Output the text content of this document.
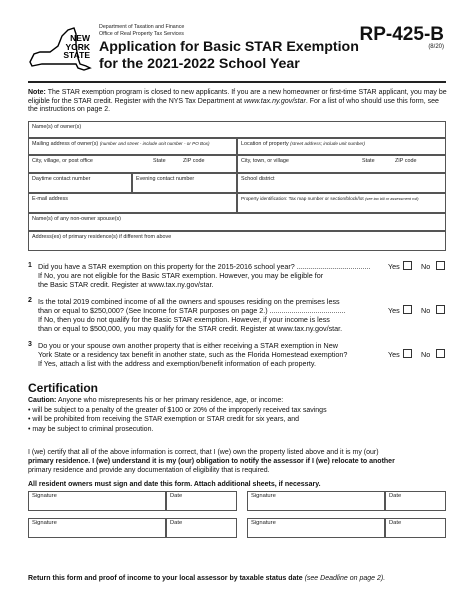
NEW
YORK
STATE
Department of Taxation and Finance
Office of Real Property Tax Services
Application for Basic STAR Exemption
for the 2021-2022 School Year
RP-425-B
(8/20)
Note: The STAR exemption program is closed to new applicants. If you are a new homeowner or first-time STAR applicant, you may be eligible for the STAR credit. Register with the NYS Tax Department at www.tax.ny.gov/star. For a list of who should use this form, see the instructions on page 2.
Name(s) of owner(s)
Mailing address of owner(s) (number and street - include unit number - or PO Box)	Location of property (street address; include unit number)
City, village, or post office	State	ZIP code	City, town, or village	State	ZIP code
Daytime contact number	Evening contact number	School district
E-mail address	Property identification: Tax map number or section/block/lot (see tax bill or assessment roll)
Name(s) of any non-owner spouse(s)
Address(es) of primary residence(s) if different from above
1 Did you have a STAR exemption on this property for the 2015-2016 school year? .....................................
If No, you are not eligible for the Basic STAR exemption. However, you may be eligible for
the Basic STAR credit. Register at www.tax.ny.gov/star.
Yes	No
2 Is the total 2019 combined income of all the owners and spouses residing on the premises less
than or equal to $250,000? (See Income for STAR purposes on page 2.) ......................................
If No, then you do not qualify for the Basic STAR exemption. However, if your income is less
than or equal to $500,000, you may qualify for the STAR credit. Register at www.tax.ny.gov/star.
Yes	No
3 Do you or your spouse own another property that is either receiving a STAR exemption in New
York State or a residency tax benefit in another state, such as the Florida Homestead exemption?
If Yes, attach a list with the address and exemption/benefit information of each property.
Yes	No
Certification
Caution: Anyone who misrepresents his or her primary residence, age, or income:
• will be subject to a penalty of the greater of $100 or 20% of the improperly received tax savings
• will be prohibited from receiving the STAR exemption or STAR credit for six years, and
• may be subject to criminal prosecution.
I (we) certify that all of the above information is correct, that I (we) own the property listed above and it is my (our)
primary residence. I (we) understand it is my (our) obligation to notify the assessor if I (we) relocate to another
primary residence and provide any documentation of eligibility that is required.
All resident owners must sign and date this form. Attach additional sheets, if necessary.
Signature	Date	Signature	Date
Signature	Date	Signature	Date
Return this form and proof of income to your local assessor by taxable status date (see Deadline on page 2).
